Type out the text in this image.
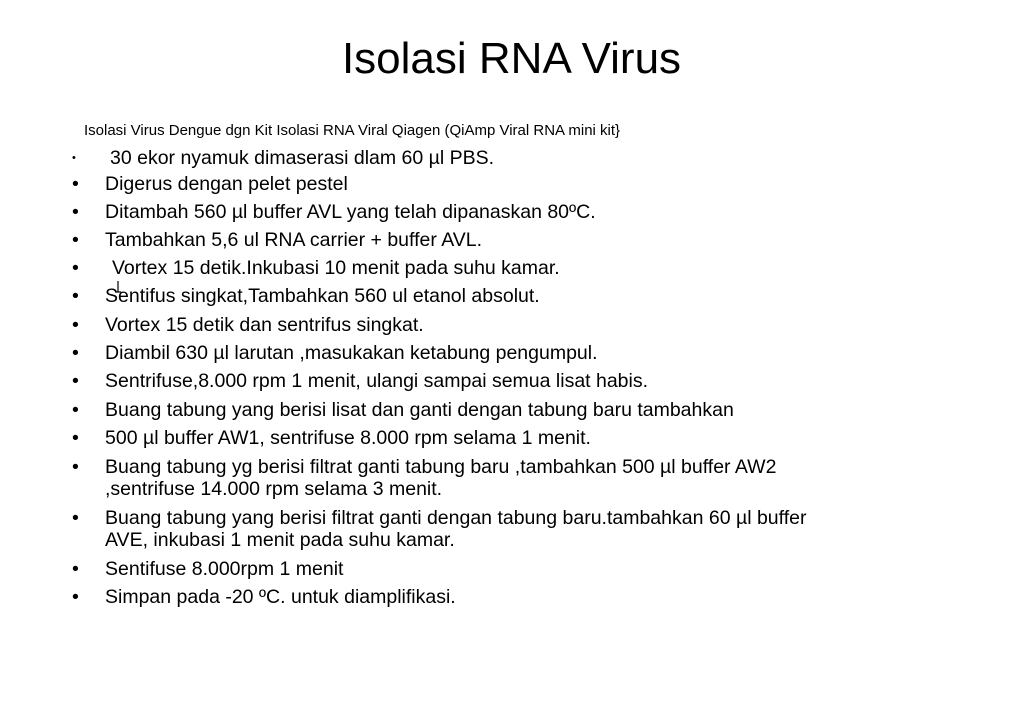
Isolasi RNA Virus
Isolasi Virus Dengue dgn Kit Isolasi RNA Viral Qiagen (QiAmp Viral RNA mini kit}
•	30 ekor nyamuk dimaserasi dlam 60 µl PBS.
•	Digerus dengan pelet pestel
•	Ditambah 560 µl buffer AVL yang telah dipanaskan 80ºC.
•	Tambahkan 5,6 ul RNA carrier + buffer AVL.
•	Vortex 15 detik.Inkubasi 10 menit pada suhu kamar.
•	Sentifus singkat,Tambahkan 560 ul etanol absolut.
•	Vortex 15 detik dan sentrifus singkat.
•	Diambil 630 µl larutan ,masukakan ketabung pengumpul.
•	Sentrifuse,8.000 rpm 1 menit, ulangi sampai semua lisat habis.
•	Buang tabung yang berisi lisat dan ganti dengan tabung baru tambahkan
•	500 µl buffer AW1, sentrifuse 8.000 rpm selama 1 menit.
•	Buang tabung yg berisi filtrat ganti tabung baru ,tambahkan 500 µl buffer AW2
,sentrifuse 14.000 rpm selama 3 menit.
•	Buang tabung yang berisi filtrat ganti dengan tabung baru.tambahkan 60 µl buffer
AVE, inkubasi 1 menit pada suhu kamar.
•	Sentifuse 8.000rpm 1 menit
•	Simpan pada -20 ºC. untuk diamplifikasi.
